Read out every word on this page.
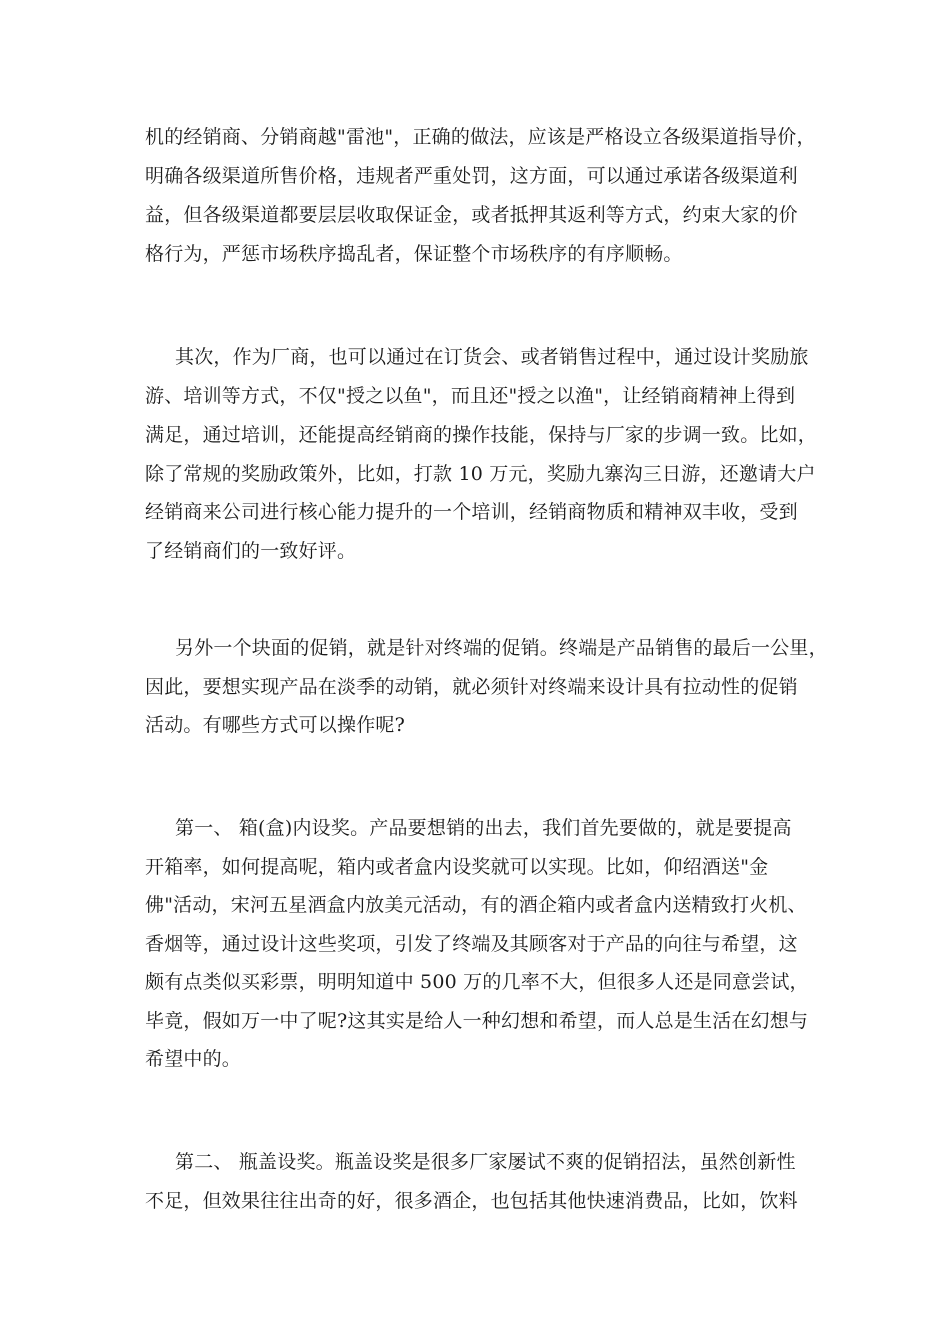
机的经销商、分销商越"雷池"，正确的做法，应该是严格设立各级渠道指导价，
明确各级渠道所售价格，违规者严重处罚，这方面，可以通过承诺各级渠道利
益，但各级渠道都要层层收取保证金，或者抵押其返利等方式，约束大家的价
格行为，严惩市场秩序捣乱者，保证整个市场秩序的有序顺畅。
其次，作为厂商，也可以通过在订货会、或者销售过程中，通过设计奖励旅
游、培训等方式，不仅"授之以鱼"，而且还"授之以渔"，让经销商精神上得到
满足，通过培训，还能提高经销商的操作技能，保持与厂家的步调一致。比如，
除了常规的奖励政策外，比如，打款 10 万元，奖励九寨沟三日游，还邀请大户
经销商来公司进行核心能力提升的一个培训，经销商物质和精神双丰收，受到
了经销商们的一致好评。
另外一个块面的促销，就是针对终端的促销。终端是产品销售的最后一公里，
因此，要想实现产品在淡季的动销，就必须针对终端来设计具有拉动性的促销
活动。有哪些方式可以操作呢?
第一、 箱(盒)内设奖。产品要想销的出去，我们首先要做的，就是要提高
开箱率，如何提高呢，箱内或者盒内设奖就可以实现。比如，仰绍酒送"金
佛"活动，宋河五星酒盒内放美元活动，有的酒企箱内或者盒内送精致打火机、
香烟等，通过设计这些奖项，引发了终端及其顾客对于产品的向往与希望，这
颇有点类似买彩票，明明知道中 500 万的几率不大，但很多人还是同意尝试，
毕竟，假如万一中了呢?这其实是给人一种幻想和希望，而人总是生活在幻想与
希望中的。
第二、 瓶盖设奖。瓶盖设奖是很多厂家屡试不爽的促销招法，虽然创新性
不足，但效果往往出奇的好，很多酒企，也包括其他快速消费品，比如，饮料
